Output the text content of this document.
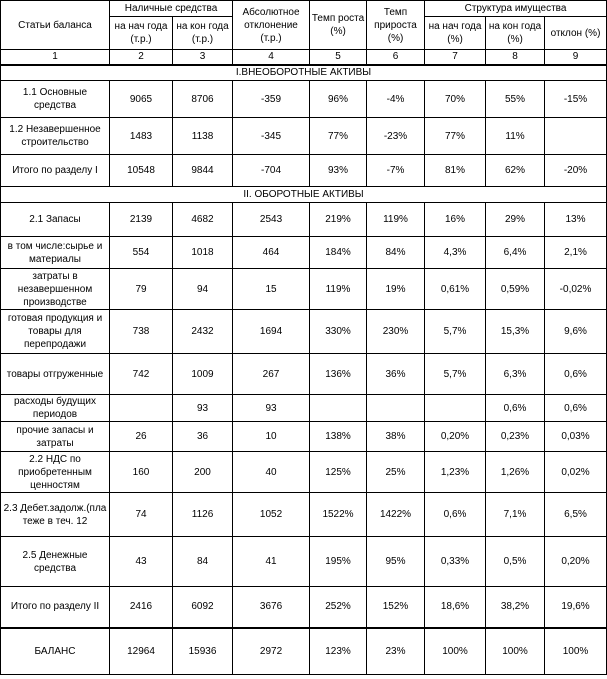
Статьи баланса	Наличные средства		Абсолютное отклонение (т.р.)	Темп роста (%)	Темп прироста (%)	Структура имущества		
	на нач года (т.р.)	на кон года (т.р.)				на нач года (%)	на кон года (%)	отклон (%)
1	2	3	4	5	6	7	8	9
I.ВНЕОБОРОТНЫЕ АКТИВЫ								
1.1 Основные средства	9065	8706	-359	96%	-4%	70%	55%	-15%
1.2 Незавершенное строительство	1483	1138	-345	77%	-23%	77%	11%	
Итого по разделу I	10548	9844	-704	93%	-7%	81%	62%	-20%
II. ОБОРОТНЫЕ АКТИВЫ								
2.1 Запасы	2139	4682	2543	219%	119%	16%	29%	13%
в том числе:сырье и материалы	554	1018	464	184%	84%	4,3%	6,4%	2,1%
затраты в незавершенном производстве	79	94	15	119%	19%	0,61%	0,59%	-0,02%
готовая продукция и товары для перепродажи	738	2432	1694	330%	230%	5,7%	15,3%	9,6%
товары отгруженные	742	1009	267	136%	36%	5,7%	6,3%	0,6%
расходы будущих периодов		93	93				0,6%	0,6%
прочие запасы и затраты	26	36	10	138%	38%	0,20%	0,23%	0,03%
2.2 НДС по приобретенным ценностям	160	200	40	125%	25%	1,23%	1,26%	0,02%
2.3 Дебет.задолж.(пла теже в теч. 12	74	1126	1052	1522%	1422%	0,6%	7,1%	6,5%
2.5 Денежные средства	43	84	41	195%	95%	0,33%	0,5%	0,20%
Итого по разделу II	2416	6092	3676	252%	152%	18,6%	38,2%	19,6%
БАЛАНС	12964	15936	2972	123%	23%	100%	100%	100%
